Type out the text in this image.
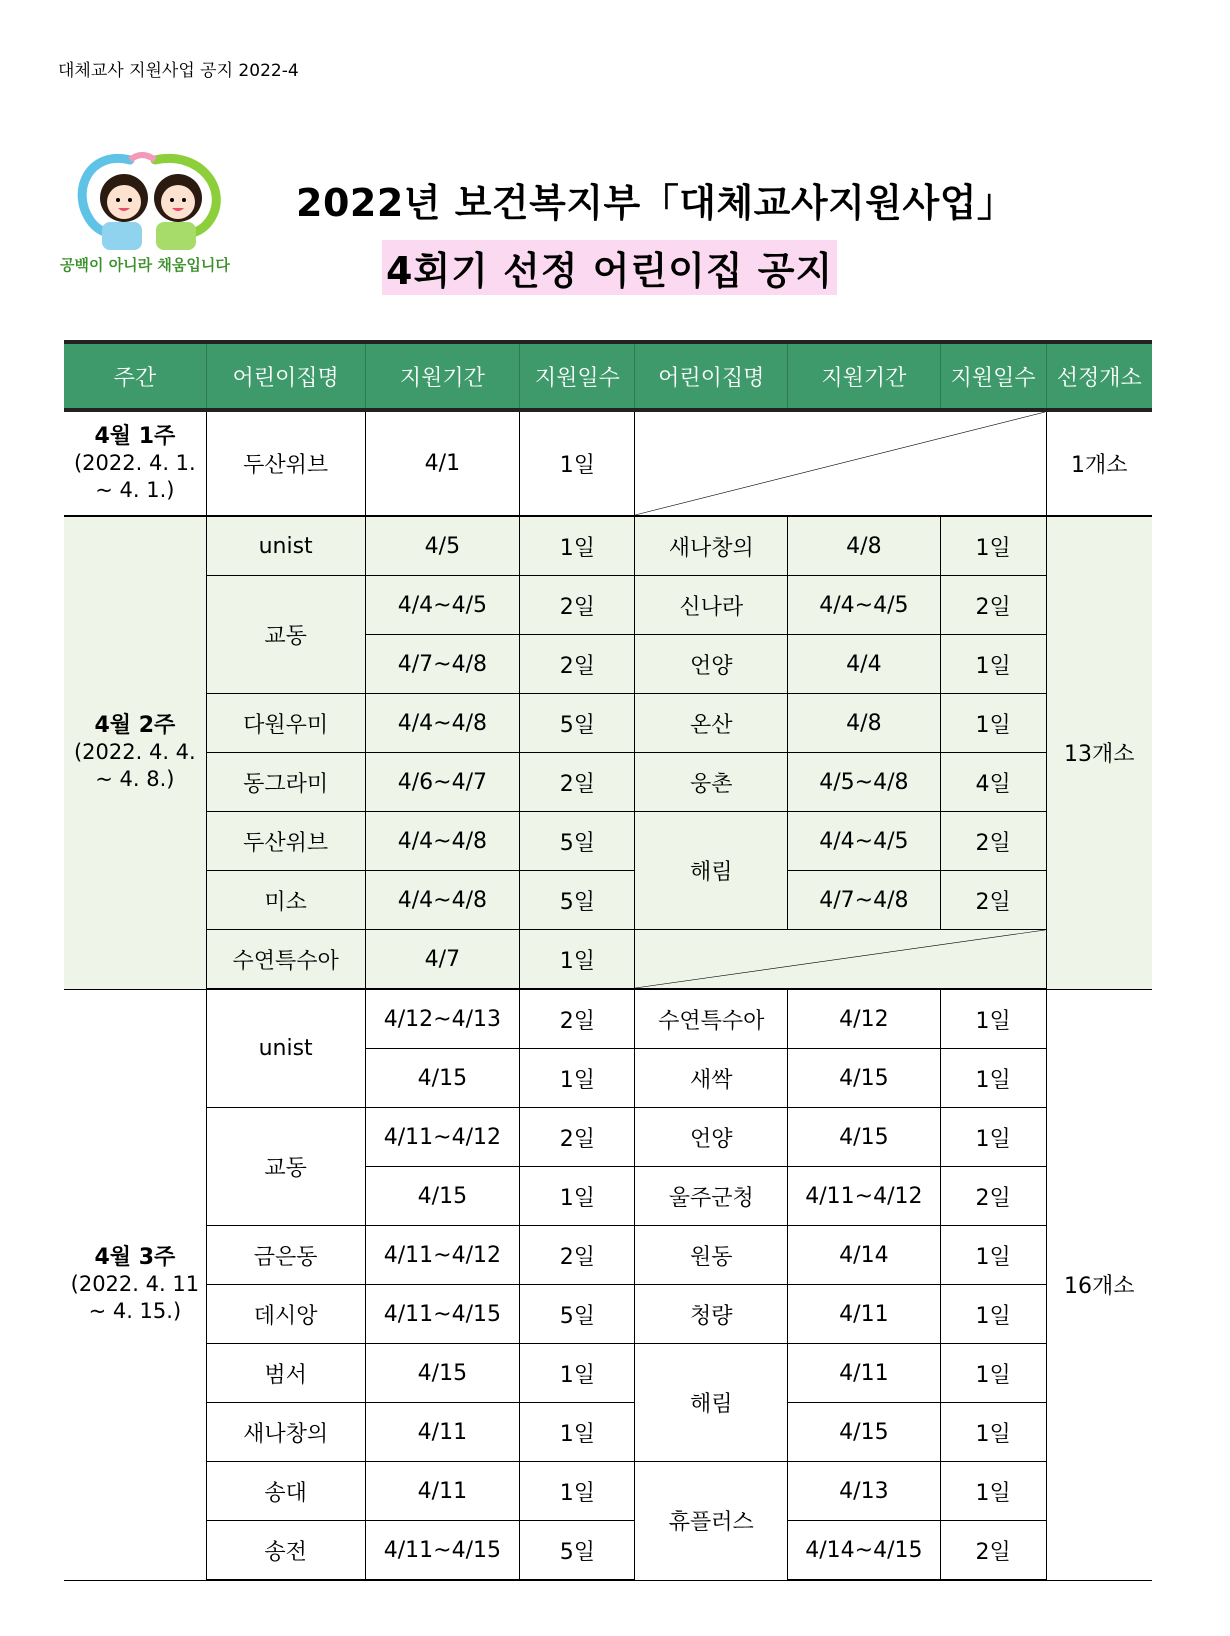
대체교사 지원사업 공지 2022-4
공백이 아니라 채움입니다
2022년 보건복지부「대체교사지원사업」
4회기 선정 어린이집 공지
주간	어린이집명	지원기간	지원일수	어린이집명	지원기간	지원일수	선정개소

4월 1주
(2022. 4. 1.
~ 4. 1.)	두산위브	4/1	1일				1개소

4월 2주
(2022. 4. 4.
~ 4. 8.)	unist	4/5	1일	새나창의	4/8	1일	13개소
	교동	4/4~4/5	2일	신나라	4/4~4/5	2일	
		4/7~4/8	2일	언양	4/4	1일	
	다원우미	4/4~4/8	5일	온산	4/8	1일	
	동그라미	4/6~4/7	2일	웅촌	4/5~4/8	4일	
	두산위브	4/4~4/8	5일	해림	4/4~4/5	2일	
	미소	4/4~4/8	5일		4/7~4/8	2일	
	수연특수아	4/7	1일	

4월 3주
(2022. 4. 11
~ 4. 15.)	unist	4/12~4/13	2일	수연특수아	4/12	1일	16개소
		4/15	1일	새싹	4/15	1일	
	교동	4/11~4/12	2일	언양	4/15	1일	
		4/15	1일	울주군청	4/11~4/12	2일	
	금은동	4/11~4/12	2일	원동	4/14	1일	
	데시앙	4/11~4/15	5일	청량	4/11	1일	
	범서	4/15	1일	해림	4/11	1일	
	새나창의	4/11	1일		4/15	1일	
	송대	4/11	1일	휴플러스	4/13	1일	
	송전	4/11~4/15	5일		4/14~4/15	2일	
